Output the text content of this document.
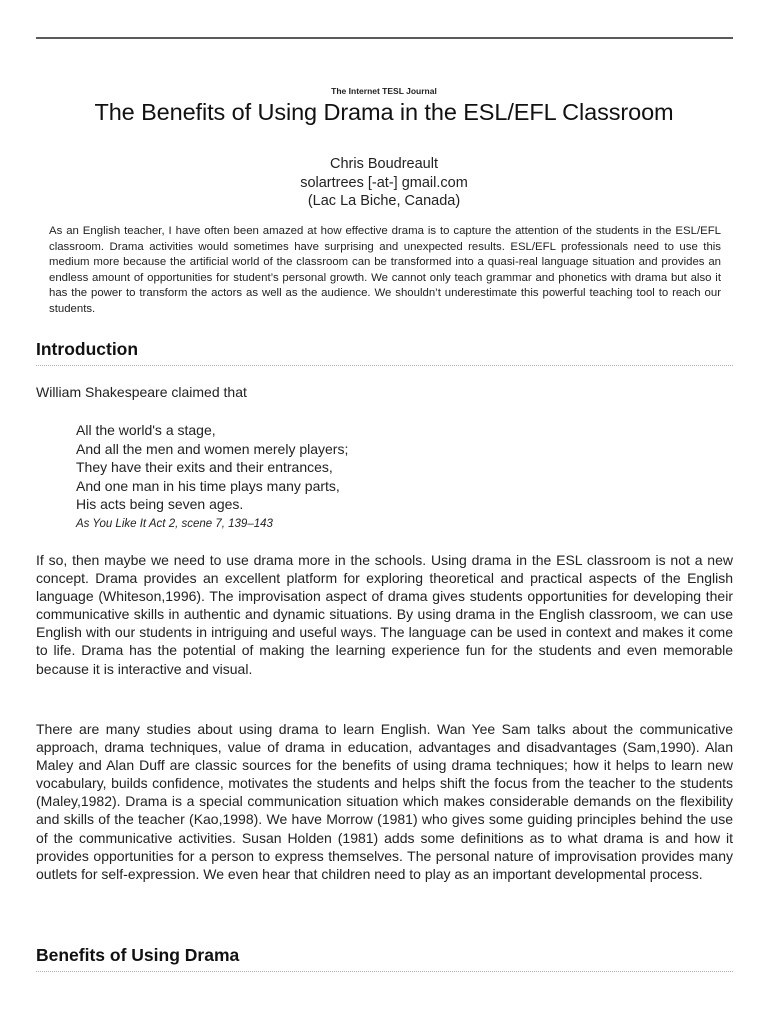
The Internet TESL Journal
The Benefits of Using Drama in the ESL/EFL Classroom
Chris Boudreault
solartrees [-at-] gmail.com
(Lac La Biche, Canada)
As an English teacher, I have often been amazed at how effective drama is to capture the attention of the students in the ESL/EFL classroom. Drama activities would sometimes have surprising and unexpected results. ESL/EFL professionals need to use this medium more because the artificial world of the classroom can be transformed into a quasi-real language situation and provides an endless amount of opportunities for student’s personal growth. We cannot only teach grammar and phonetics with drama but also it has the power to transform the actors as well as the audience. We shouldn’t underestimate this powerful teaching tool to reach our students.
Introduction
William Shakespeare claimed that
All the world's a stage,
And all the men and women merely players;
They have their exits and their entrances,
And one man in his time plays many parts,
His acts being seven ages.
As You Like It Act 2, scene 7, 139–143
If so, then maybe we need to use drama more in the schools. Using drama in the ESL classroom is not a new concept. Drama provides an excellent platform for exploring theoretical and practical aspects of the English language (Whiteson,1996). The improvisation aspect of drama gives students opportunities for developing their communicative skills in authentic and dynamic situations. By using drama in the English classroom, we can use English with our students in intriguing and useful ways. The language can be used in context and makes it come to life. Drama has the potential of making the learning experience fun for the students and even memorable because it is interactive and visual.
There are many studies about using drama to learn English. Wan Yee Sam talks about the communicative approach, drama techniques, value of drama in education, advantages and disadvantages (Sam,1990). Alan Maley and Alan Duff are classic sources for the benefits of using drama techniques; how it helps to learn new vocabulary, builds confidence, motivates the students and helps shift the focus from the teacher to the students (Maley,1982). Drama is a special communication situation which makes considerable demands on the flexibility and skills of the teacher (Kao,1998). We have Morrow (1981) who gives some guiding principles behind the use of the communicative activities. Susan Holden (1981) adds some definitions as to what drama is and how it provides opportunities for a person to express themselves. The personal nature of improvisation provides many outlets for self-expression. We even hear that children need to play as an important developmental process.
Benefits of Using Drama
